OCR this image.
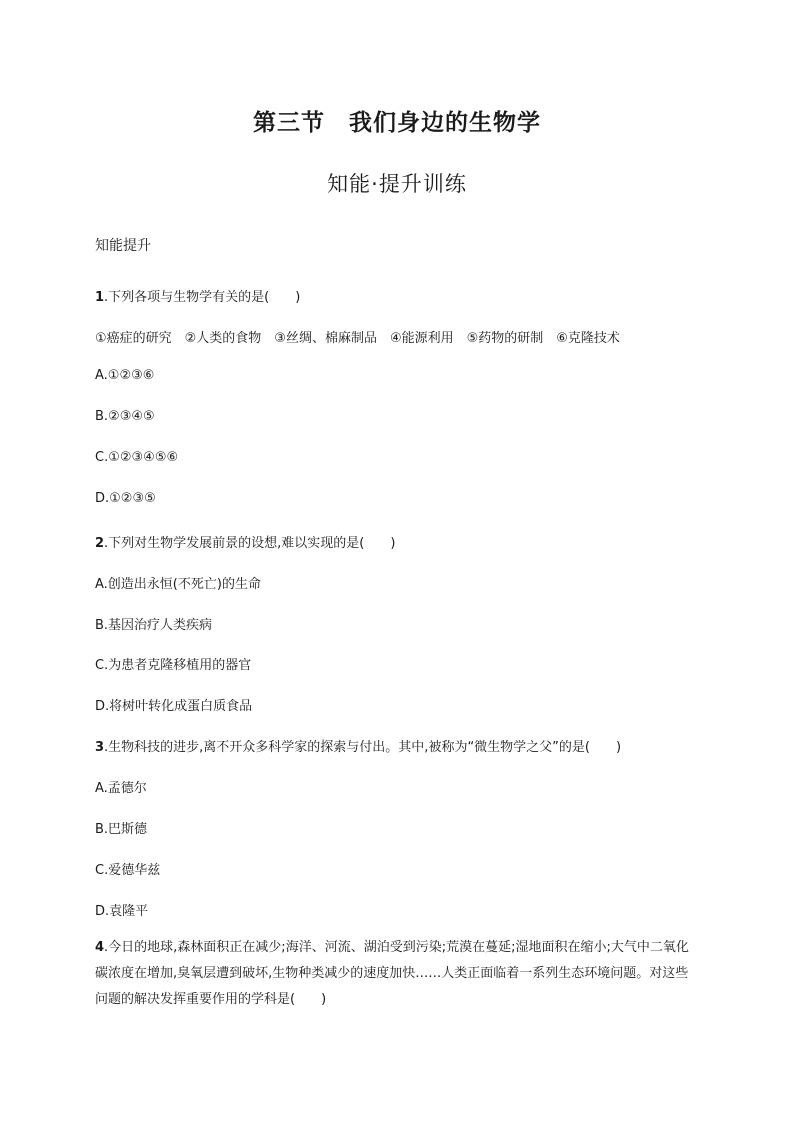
第三节　我们身边的生物学
知能·提升训练
知能提升
1.下列各项与生物学有关的是(　　)
①癌症的研究　②人类的食物　③丝绸、棉麻制品　④能源利用　⑤药物的研制　⑥克隆技术
A.①②③⑥
B.②③④⑤
C.①②③④⑤⑥
D.①②③⑤
2.下列对生物学发展前景的设想,难以实现的是(　　)
A.创造出永恒(不死亡)的生命
B.基因治疗人类疾病
C.为患者克隆移植用的器官
D.将树叶转化成蛋白质食品
3.生物科技的进步,离不开众多科学家的探索与付出。其中,被称为“微生物学之父”的是(　　)
A.孟德尔
B.巴斯德
C.爱德华兹
D.袁隆平
4.今日的地球,森林面积正在减少;海洋、河流、湖泊受到污染;荒漠在蔓延;湿地面积在缩小;大气中二氧化碳浓度在增加,臭氧层遭到破坏,生物种类减少的速度加快……人类正面临着一系列生态环境问题。对这些问题的解决发挥重要作用的学科是(　　)
